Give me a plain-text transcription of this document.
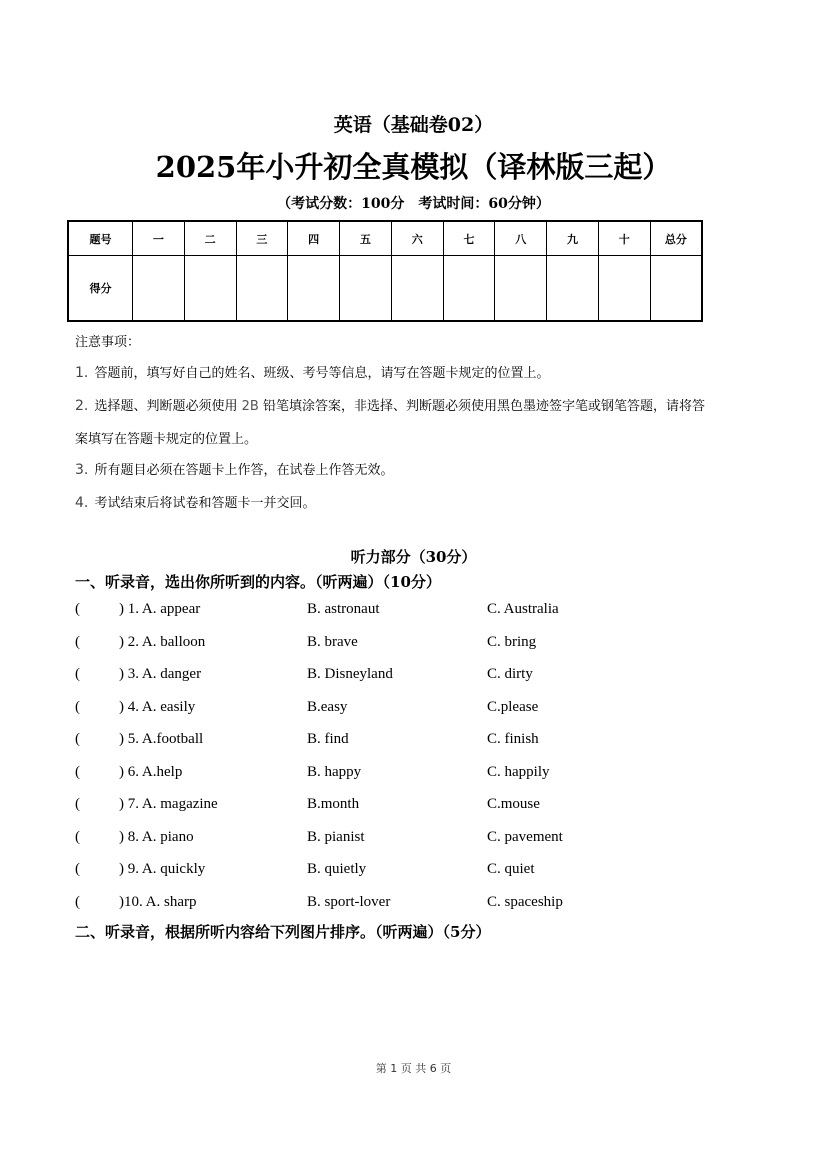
英语（基础卷02）
2025年小升初全真模拟（译林版三起）
（考试分数：100分　考试时间：60分钟）
题号	一	二	三	四	五	六	七	八	九	十	总分
得分											
注意事项：
1. 答题前，填写好自己的姓名、班级、考号等信息，请写在答题卡规定的位置上。
2. 选择题、判断题必须使用 2B 铅笔填涂答案，非选择、判断题必须使用黑色墨迹签字笔或钢笔答题，请将答
案填写在答题卡规定的位置上。
3. 所有题目必须在答题卡上作答，在试卷上作答无效。
4. 考试结束后将试卷和答题卡一并交回。
听力部分（30分）
一、听录音，选出你所听到的内容。（听两遍）（10分）
(	) 1. A. appear	B. astronaut	C. Australia
(	) 2. A. balloon	B. brave	C. bring
(	) 3. A. danger	B. Disneyland	C. dirty
(	) 4. A. easily	B.easy	C.please
(	) 5. A.football	B. find	C. finish
(	) 6. A.help	B. happy	C. happily
(	) 7. A. magazine	B.month	C.mouse
(	) 8. A. piano	B. pianist	C. pavement
(	) 9. A. quickly	B. quietly	C. quiet
(	)10. A. sharp	B. sport-lover	C. spaceship
二、听录音，根据所听内容给下列图片排序。（听两遍）（5分）
第 1 页 共 6 页
